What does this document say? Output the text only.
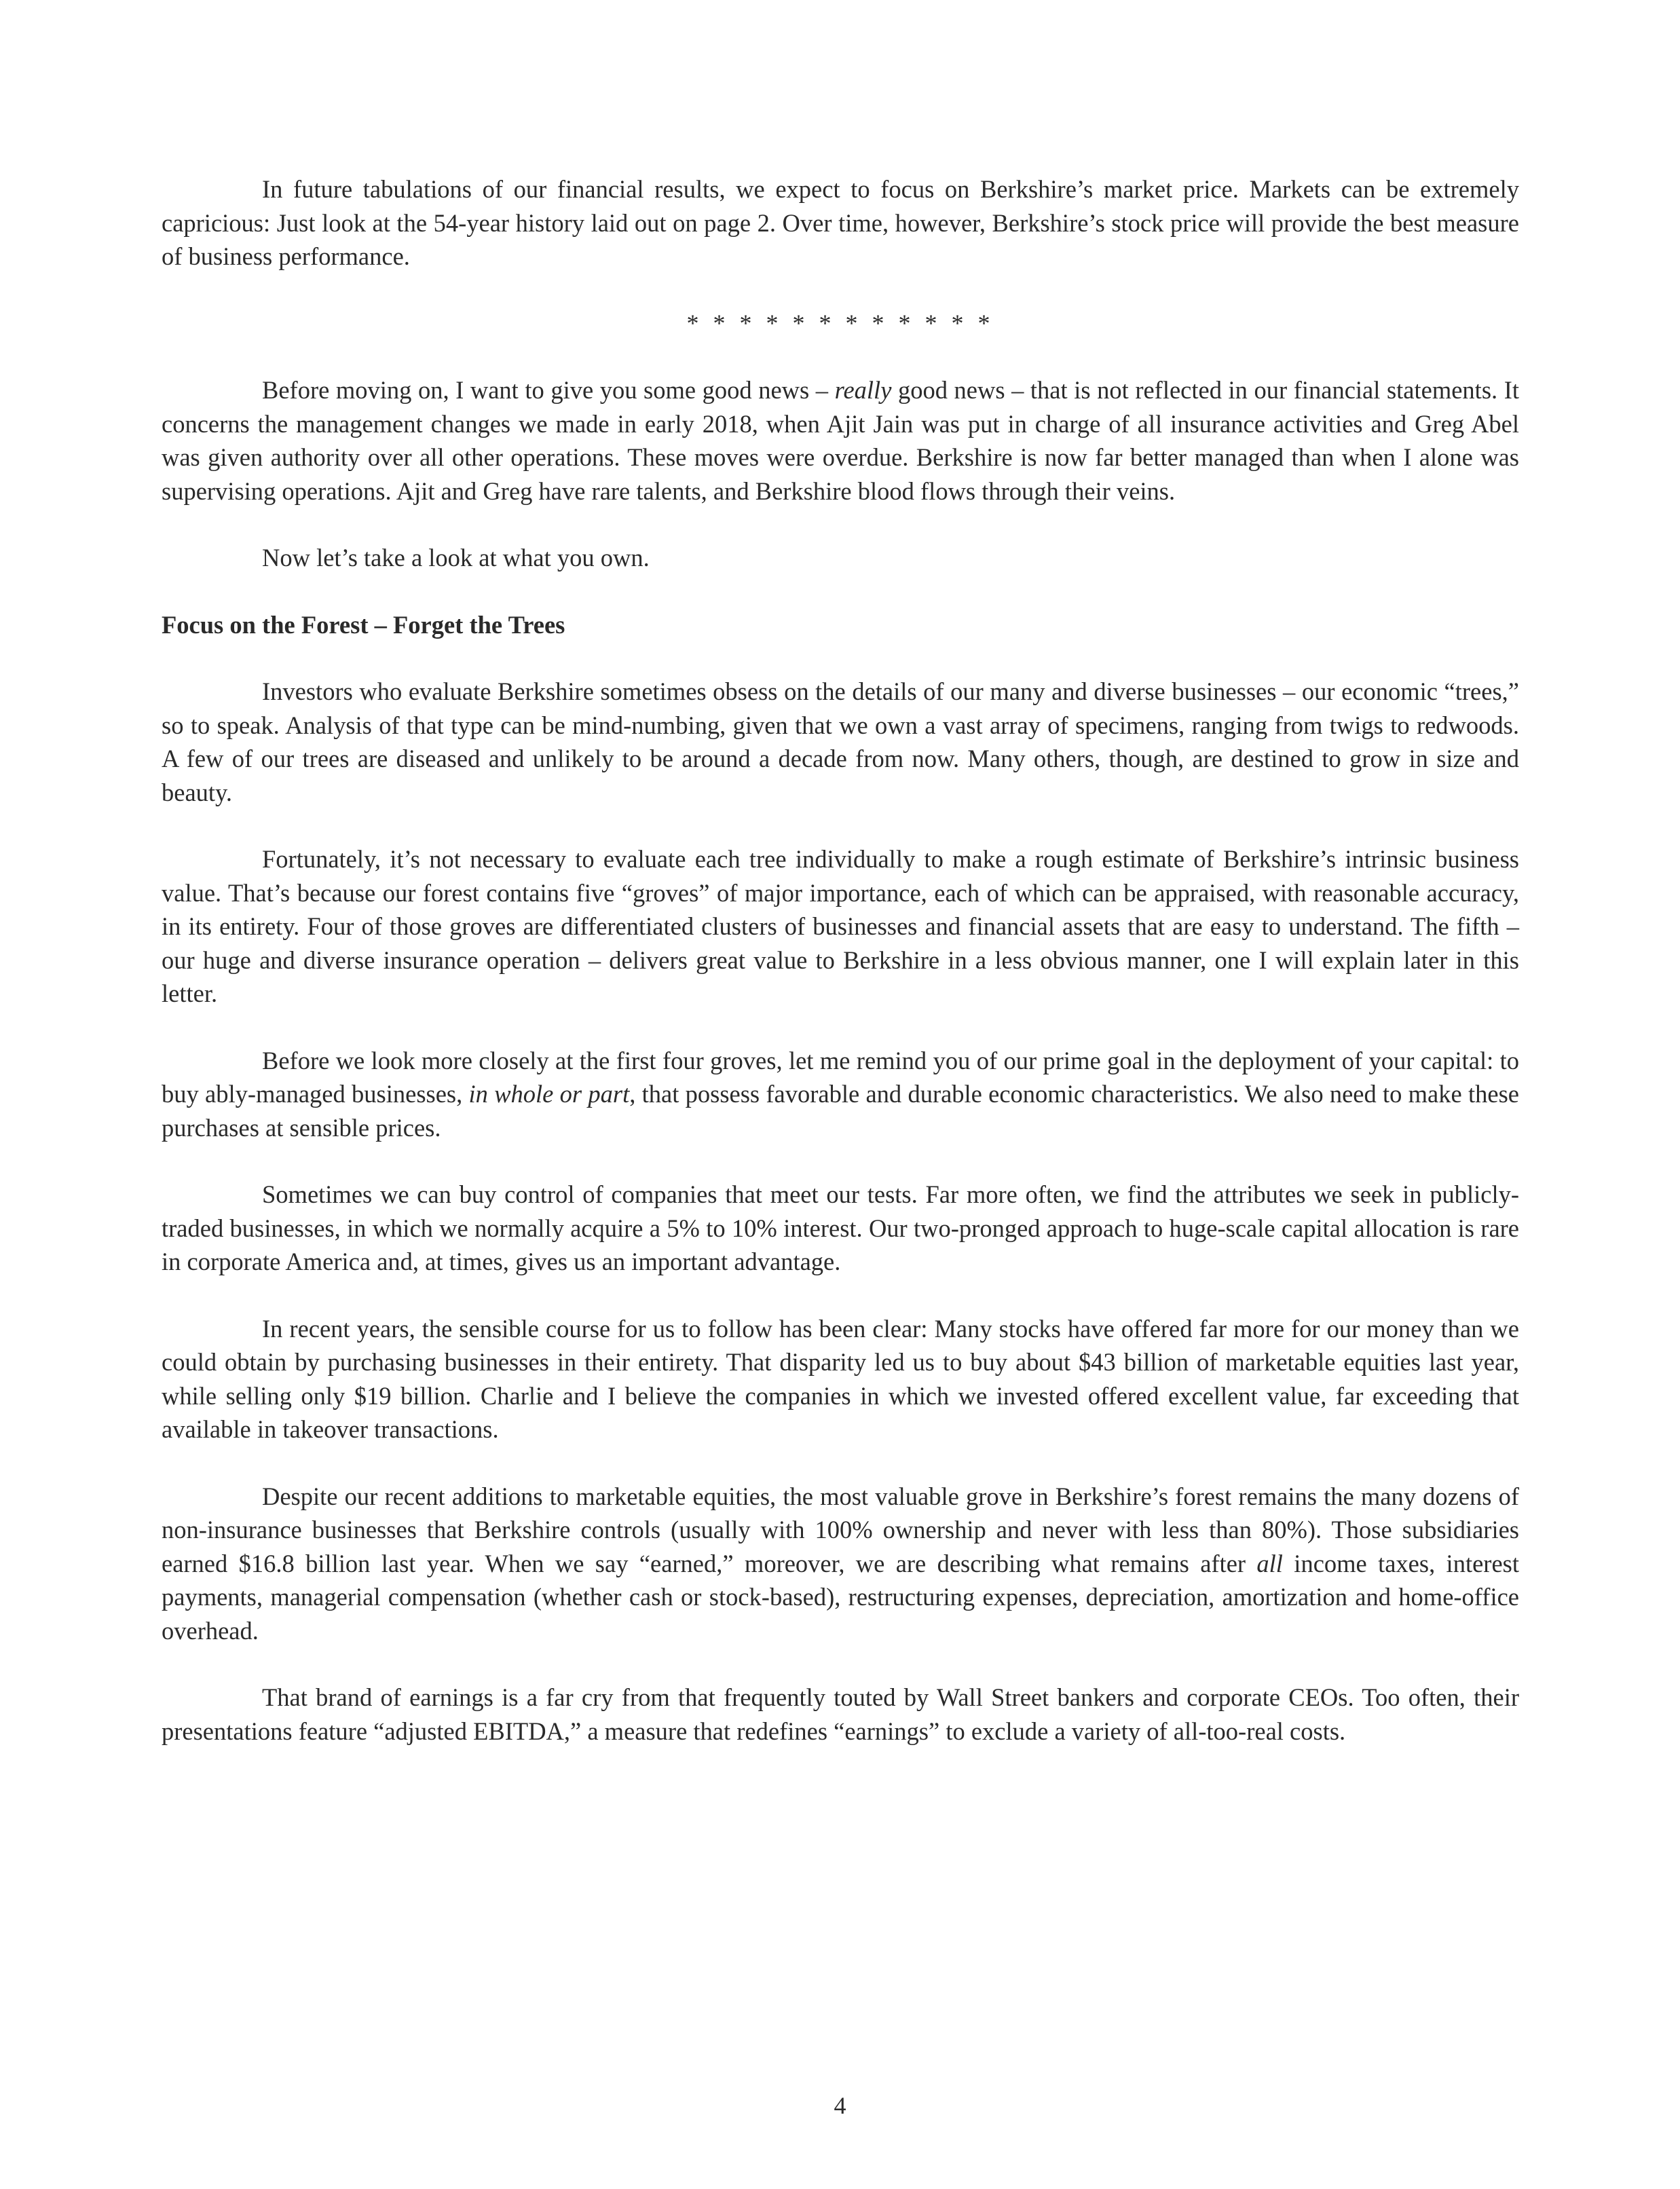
In future tabulations of our financial results, we expect to focus on Berkshire’s market price. Markets can be extremely capricious: Just look at the 54-year history laid out on page 2. Over time, however, Berkshire’s stock price will provide the best measure of business performance.

* * * * * * * * * * * *

Before moving on, I want to give you some good news – really good news – that is not reflected in our financial statements. It concerns the management changes we made in early 2018, when Ajit Jain was put in charge of all insurance activities and Greg Abel was given authority over all other operations. These moves were overdue. Berkshire is now far better managed than when I alone was supervising operations. Ajit and Greg have rare talents, and Berkshire blood flows through their veins.

Now let’s take a look at what you own.

Focus on the Forest – Forget the Trees

Investors who evaluate Berkshire sometimes obsess on the details of our many and diverse businesses – our economic “trees,” so to speak. Analysis of that type can be mind-numbing, given that we own a vast array of specimens, ranging from twigs to redwoods. A few of our trees are diseased and unlikely to be around a decade from now. Many others, though, are destined to grow in size and beauty.

Fortunately, it’s not necessary to evaluate each tree individually to make a rough estimate of Berkshire’s intrinsic business value. That’s because our forest contains five “groves” of major importance, each of which can be appraised, with reasonable accuracy, in its entirety. Four of those groves are differentiated clusters of businesses and financial assets that are easy to understand. The fifth – our huge and diverse insurance operation – delivers great value to Berkshire in a less obvious manner, one I will explain later in this letter.

Before we look more closely at the first four groves, let me remind you of our prime goal in the deployment of your capital: to buy ably-managed businesses, in whole or part, that possess favorable and durable economic characteristics. We also need to make these purchases at sensible prices.

Sometimes we can buy control of companies that meet our tests. Far more often, we find the attributes we seek in publicly-traded businesses, in which we normally acquire a 5% to 10% interest. Our two-pronged approach to huge-scale capital allocation is rare in corporate America and, at times, gives us an important advantage.

In recent years, the sensible course for us to follow has been clear: Many stocks have offered far more for our money than we could obtain by purchasing businesses in their entirety. That disparity led us to buy about $43 billion of marketable equities last year, while selling only $19 billion. Charlie and I believe the companies in which we invested offered excellent value, far exceeding that available in takeover transactions.

Despite our recent additions to marketable equities, the most valuable grove in Berkshire’s forest remains the many dozens of non-insurance businesses that Berkshire controls (usually with 100% ownership and never with less than 80%). Those subsidiaries earned $16.8 billion last year. When we say “earned,” moreover, we are describing what remains after all income taxes, interest payments, managerial compensation (whether cash or stock-based), restructuring expenses, depreciation, amortization and home-office overhead.

That brand of earnings is a far cry from that frequently touted by Wall Street bankers and corporate CEOs. Too often, their presentations feature “adjusted EBITDA,” a measure that redefines “earnings” to exclude a variety of all-too-real costs.

4
